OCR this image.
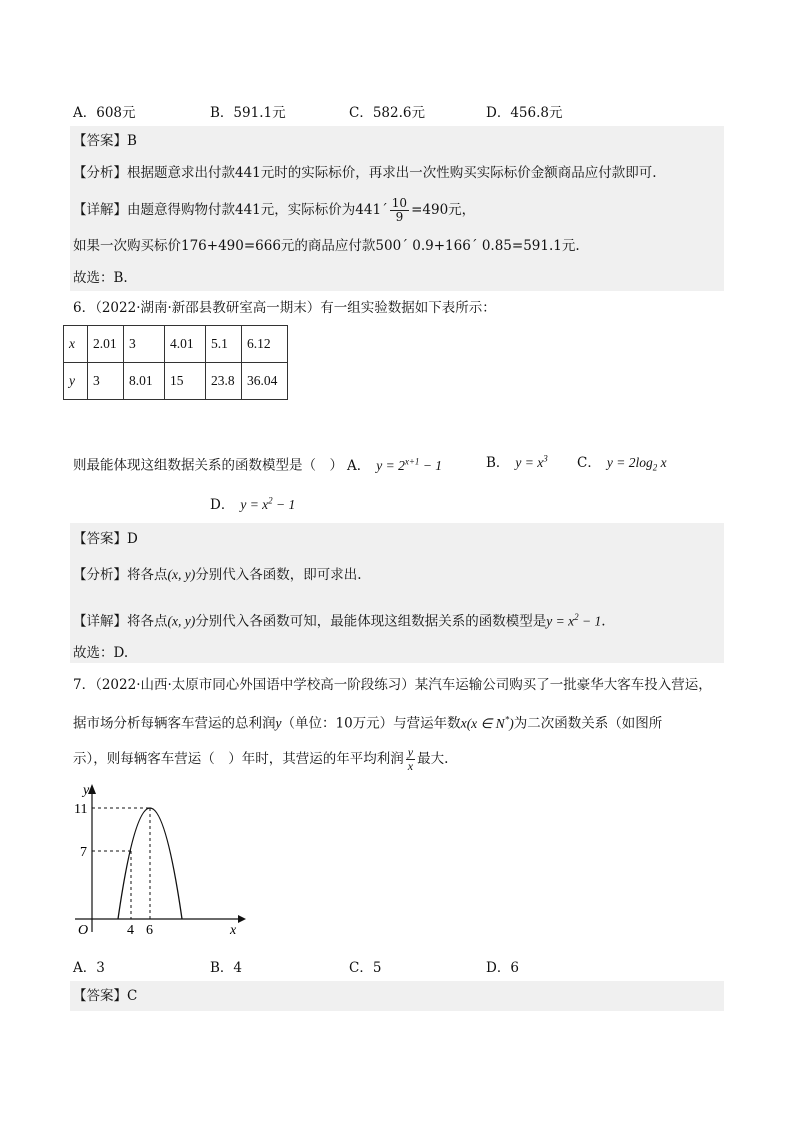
A．608元	B．591.1元	C．582.6元	D．456.8元
【答案】B
【分析】根据题意求出付款441元时的实际标价，再求出一次性购买实际标价金额商品应付款即可.
【详解】由题意得购物付款441元，实际标价为441´ $\frac{10}{9} =490$元，
如果一次购买标价176+490=666元的商品应付款500´ 0.9+166´ 0.85=591.1元.
故选：B.
6．（2022·湖南·新邵县教研室高一期末）有一组实验数据如下表所示：
x	2.01	3	4.01	5.1	6.12
y	3	8.01	15	23.8	36.04
则最能体现这组数据关系的函数模型是（　） A． $y = 2^{x+1} - 1$	B． $y = x^3$ C． $y = 2\log_2$ x
D． $y = x^2 - 1$
【答案】D
【分析】将各点(x, y)分别代入各函数，即可求出.
【详解】将各点(x, y)分别代入各函数可知，最能体现这组数据关系的函数模型是$y = x^2 - 1$.
故选：D.
7．（2022·山西·太原市同心外国语中学校高一阶段练习）某汽车运输公司购买了一批豪华大客车投入营运，
据市场分析每辆客车营运的总利润y（单位：10万元）与营运年数x(x ∈ N*)为二次函数关系（如图所
示），则每辆客车营运（　）年时，其营运的年平均利润 $\frac{y}{x}$ 最大.
y
x
O
11
7
4 6
A．3	B．4	C．5	D．6
【答案】C
